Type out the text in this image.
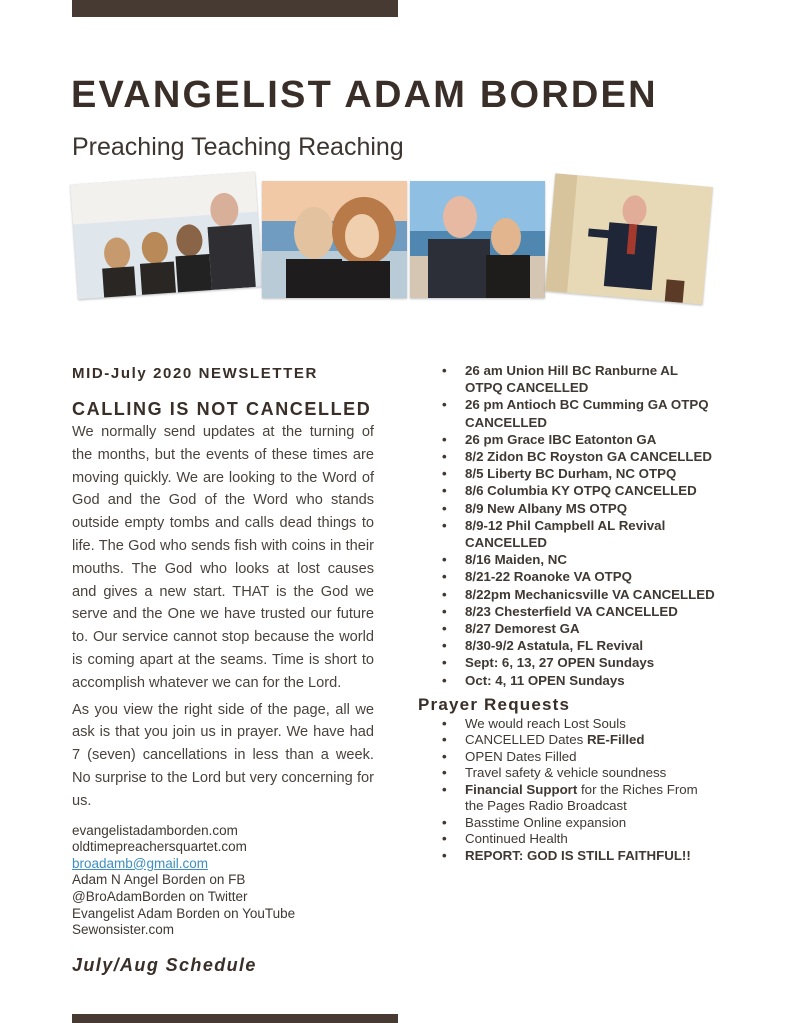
EVANGELIST ADAM BORDEN

Preaching Teaching Reaching

MID-July 2020 NEWSLETTER
CALLING IS NOT CANCELLED

We normally send updates at the turning of the months, but the events of these times are moving quickly. We are looking to the Word of God and the God of the Word who stands outside empty tombs and calls dead things to life. The God who sends fish with coins in their mouths. The God who looks at lost causes and gives a new start. THAT is the God we serve and the One we have trusted our future to. Our service cannot stop because the world is coming apart at the seams. Time is short to accomplish whatever we can for the Lord.

As you view the right side of the page, all we ask is that you join us in prayer. We have had 7 (seven) cancellations in less than a week. No surprise to the Lord but very concerning for us.

evangelistadamborden.com
oldtimepreachersquartet.com
broadamb@gmail.com
Adam N Angel Borden on FB
@BroAdamBorden on Twitter
Evangelist Adam Borden on YouTube
Sewonsister.com
July/Aug Schedule
• 26 am Union Hill BC Ranburne AL OTPQ CANCELLED
• 26 pm Antioch BC Cumming GA OTPQ CANCELLED
• 26 pm Grace IBC Eatonton GA
• 8/2 Zidon BC Royston GA CANCELLED
• 8/5 Liberty BC Durham, NC OTPQ
• 8/6 Columbia KY OTPQ CANCELLED
• 8/9 New Albany MS OTPQ
• 8/9-12 Phil Campbell AL Revival CANCELLED
• 8/16 Maiden, NC
• 8/21-22 Roanoke VA OTPQ
• 8/22pm Mechanicsville VA CANCELLED
• 8/23 Chesterfield VA CANCELLED
• 8/27 Demorest GA
• 8/30-9/2 Astatula, FL Revival
• Sept: 6, 13, 27 OPEN Sundays
• Oct: 4, 11 OPEN Sundays
Prayer Requests
• We would reach Lost Souls
• CANCELLED Dates RE-Filled
• OPEN Dates Filled
• Travel safety & vehicle soundness
• Financial Support for the Riches From the Pages Radio Broadcast
• Basstime Online expansion
• Continued Health
• REPORT: GOD IS STILL FAITHFUL!!
